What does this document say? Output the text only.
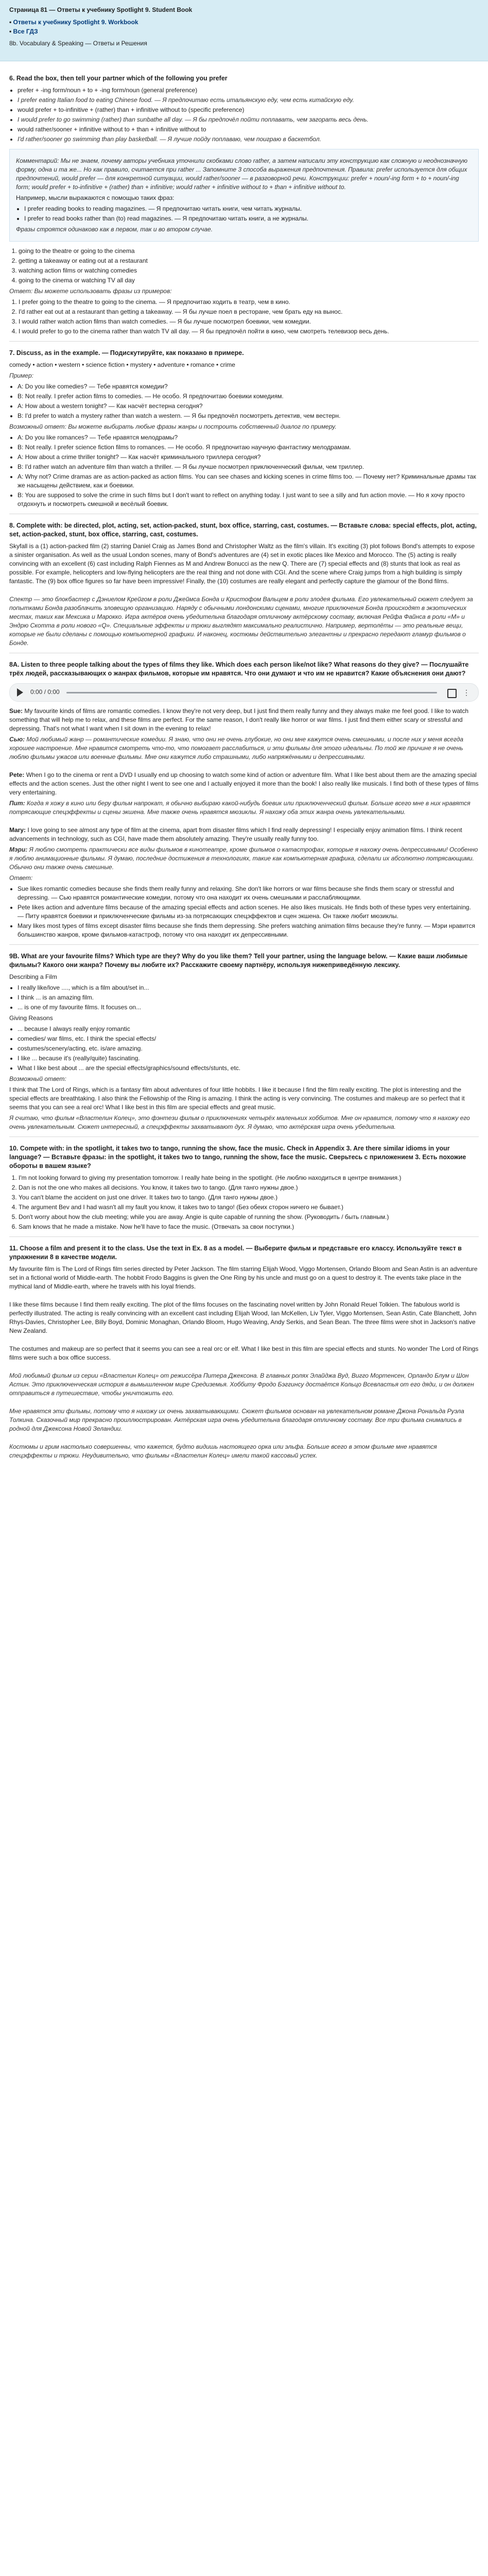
Страница 81 — Ответы к учебнику Spotlight 9. Student Book
• Ответы к учебнику Spotlight 9. Workbook
• Все ГДЗ
8b. Vocabulary & Speaking — Ответы и Решения
6. Read the box, then tell your partner which of the following you prefer
• prefer + -ing form/noun + to + -ing form/noun (general preference)
• I prefer eating Italian food to eating Chinese food. — Я предпочитаю есть итальянскую еду, чем есть китайскую еду.
• would prefer + to-infinitive + (rather) than + infinitive without to (specific preference)
• I would prefer to go swimming (rather) than sunbathe all day. — Я бы предпочёл пойти поплавать, чем загорать весь день.
• would rather/sooner + infinitive without to + than + infinitive without to
• I'd rather/sooner go swimming than play basketball. — Я лучше пойду поплаваю, чем поиграю в баскетбол.
Комментарий: Мы не знаем, почему авторы учебника уточнили скобками слово rather, а затем написали эту конструкцию как сложную и неоднозначную форму, одна и та же... Но как правило, считается при rather ... Запомните 3 способа выражения предпочтения. Правила: prefer используется для общих предпочтений, would prefer — для конкретной ситуации, would rather/sooner — в разговорной речи. Конструкции: prefer + noun/-ing form + to + noun/-ing form; would prefer + to-infinitive + (rather) than + infinitive; would rather + infinitive without to + than + infinitive without to.
Например, мысли выражаются с помощью таких фраз:
• I prefer reading books to reading magazines. — Я предпочитаю читать книги, чем читать журналы.
• I prefer to read books rather than (to) read magazines. — Я предпочитаю читать книги, а не журналы.
Фразы строятся одинаково как в первом, так и во втором случае.
1. going to the theatre or going to the cinema
2. getting a takeaway or eating out at a restaurant
3. watching action films or watching comedies
4. going to the cinema or watching TV all day
Ответ: Вы можете использовать фразы из примеров:
1. I prefer going to the theatre to going to the cinema. — Я предпочитаю ходить в театр, чем в кино.
2. I'd rather eat out at a restaurant than getting a takeaway. — Я бы лучше поел в ресторане, чем брать еду на вынос.
3. I would rather watch action films than watch comedies. — Я бы лучше посмотрел боевики, чем комедии.
4. I would prefer to go to the cinema rather than watch TV all day. — Я бы предпочёл пойти в кино, чем смотреть телевизор весь день.
7. Discuss, as in the example. — Подискутируйте, как показано в примере.
comedy • action • western • science fiction • mystery • adventure • romance • crime
Пример:
• A: Do you like comedies? — Тебе нравятся комедии?
• B: Not really. I prefer action films to comedies. — Не особо. Я предпочитаю боевики комедиям.
• A: How about a western tonight? — Как насчёт вестерна сегодня?
• B: I'd prefer to watch a mystery rather than watch a western. — Я бы предпочёл посмотреть детектив, чем вестерн.
Возможный ответ: Вы можете выбирать любые фразы жанры и построить собственный диалог по примеру.
• A: Do you like romances? — Тебе нравятся мелодрамы?
• B: Not really. I prefer science fiction films to romances. — Не особо. Я предпочитаю научную фантастику мелодрамам.
• A: How about a crime thriller tonight? — Как насчёт криминального триллера сегодня?
• B: I'd rather watch an adventure film than watch a thriller. — Я бы лучше посмотрел приключенческий фильм, чем триллер.
• A: Why not? Crime dramas are as action-packed as action films. You can see chases and kicking scenes in crime films too. — Почему нет? Криминальные драмы так же насыщены действием, как и боевики.
• B: You are supposed to solve the crime in such films but I don't want to reflect on anything today. I just want to see a silly and fun action movie. — Но я хочу просто отдохнуть и посмотреть смешной и весёлый боевик.
8. Complete with: be directed, plot, acting, set, action-packed, stunt, box office, starring, cast, costumes. — Вставьте слова: special effects, plot, acting, set, action-packed, stunt, box office, starring, cast, costumes.
Skyfall is a (1) action-packed film (2) starring Daniel Craig as James Bond and Christopher Waltz as the film's villain. It's exciting (3) plot follows Bond's attempts to expose a sinister organisation. As well as the usual London scenes, many of Bond's adventures are (4) set in exotic places like Mexico and Morocco. The (5) acting is really convincing with an excellent (6) cast including Ralph Fiennes as M and Andrew Bonucci as the new Q. There are (7) special effects and (8) stunts that look as real as possible. For example, helicopters and low-flying helicopters are the real thing and not done with CGI. And the scene where Craig jumps from a high building is simply fantastic. The (9) box office figures so far have been impressive! Finally, the (10) costumes are really elegant and perfectly capture the glamour of the Bond films.
Спектр — это блокбастер с Дэниелом Крейгом в роли Джеймса Бонда и Кристофом Вальцем в роли злодея фильма. Его увлекательный сюжет следует за попытками Бонда разоблачить зловещую организацию. Наряду с обычными лондонскими сценами, многие приключения Бонда происходят в экзотических местах, таких как Мексика и Марокко. Игра актёров очень убедительна благодаря отличному актёрскому составу, включая Рейфа Файнса в роли «М» и Эндрю Скотта в роли нового «Q». Специальные эффекты и трюки выглядят максимально реалистично. Например, вертолёты — это реальные вещи, которые не были сделаны с помощью компьютерной графики. И наконец, костюмы действительно элегантны и прекрасно передают гламур фильмов о Бонде.
8A. Listen to three people talking about the types of films they like. Which does each person like/not like? What reasons do they give? — Послушайте трёх людей, рассказывающих о жанрах фильмов, которые им нравятся. Что они думают и что им не нравится? Какие объяснения они дают?
0:00 / 0:00	⋮
Sue: My favourite kinds of films are romantic comedies. I know they're not very deep, but I just find them really funny and they always make me feel good. I like to watch something that will help me to relax, and these films are perfect. For the same reason, I don't really like horror or war films. I just find them either scary or stressful and depressing. That's not what I want when I sit down in the evening to relax!
Сью: Мой любимый жанр — романтические комедии. Я знаю, что они не очень глубокие, но они мне кажутся очень смешными, и после них у меня всегда хорошее настроение. Мне нравится смотреть что-то, что помогает расслабиться, и эти фильмы для этого идеальны. По той же причине я не очень люблю фильмы ужасов или военные фильмы. Мне они кажутся либо страшными, либо напряжёнными и депрессивными.
Pete: When I go to the cinema or rent a DVD I usually end up choosing to watch some kind of action or adventure film. What I like best about them are the amazing special effects and the action scenes. Just the other night I went to see one and I actually enjoyed it more than the book! I also really like musicals. I find both of these types of films very entertaining.
Пит: Когда я хожу в кино или беру фильм напрокат, я обычно выбираю какой-нибудь боевик или приключенческий фильм. Больше всего мне в них нравятся потрясающие спецэффекты и сцены экшена. Мне также очень нравятся мюзиклы. Я нахожу оба этих жанра очень увлекательными.
Mary: I love going to see almost any type of film at the cinema, apart from disaster films which I find really depressing! I especially enjoy animation films. I think recent advancements in technology, such as CGI, have made them absolutely amazing. They're usually really funny too.
Мэри: Я люблю смотреть практически все виды фильмов в кинотеатре, кроме фильмов о катастрофах, которые я нахожу очень депрессивными! Особенно я люблю анимационные фильмы. Я думаю, последние достижения в технологиях, такие как компьютерная графика, сделали их абсолютно потрясающими. Обычно они также очень смешные.
Ответ:
• Sue likes romantic comedies because she finds them really funny and relaxing. She don't like horrors or war films because she finds them scary or stressful and depressing. — Сью нравятся романтические комедии, потому что она находит их очень смешными и расслабляющими.
• Pete likes action and adventure films because of the amazing special effects and action scenes. He also likes musicals. He finds both of these types very entertaining. — Питу нравятся боевики и приключенческие фильмы из-за потрясающих спецэффектов и сцен экшена. Он также любит мюзиклы.
• Mary likes most types of films except disaster films because she finds them depressing. She prefers watching animation films because they're funny. — Мэри нравится большинство жанров, кроме фильмов-катастроф, потому что она находит их депрессивными.
9B. What are your favourite films? Which type are they? Why do you like them? Tell your partner, using the language below. — Какие ваши любимые фильмы? Какого они жанра? Почему вы любите их? Расскажите своему партнёру, используя нижеприведённую лексику.
Describing a Film
• I really like/love ...., which is a film about/set in...
• I think ... is an amazing film.
• ... is one of my favourite films. It focuses on...
Giving Reasons
• ... because I always really enjoy romantic
• comedies/ war films, etc. I think the special effects/
• costumes/scenery/acting, etc. is/are amazing.
• I like ... because it's (really/quite) fascinating.
• What I like best about ... are the special effects/graphics/sound effects/stunts, etc.
Возможный ответ:
I think that The Lord of Rings, which is a fantasy film about adventures of four little hobbits. I like it because I find the film really exciting. The plot is interesting and the special effects are breathtaking. I also think the Fellowship of the Ring is amazing. I think the acting is very convincing. The costumes and makeup are so perfect that it seems that you can see a real orc! What I like best in this film are special effects and great music.
Я считаю, что фильм «Властелин Колец», это фэнтези фильм о приключениях четырёх маленьких хоббитов. Мне он нравится, потому что я нахожу его очень увлекательным. Сюжет интересный, а спецэффекты захватывают дух. Я думаю, что актёрская игра очень убедительна.
10. Compete with: in the spotlight, it takes two to tango, running the show, face the music. Check in Appendix 3. Are there similar idioms in your language? — Вставьте фразы: in the spotlight, it takes two to tango, running the show, face the music. Сверьтесь с приложением 3. Есть похожие обороты в вашем языке?
1. I'm not looking forward to giving my presentation tomorrow. I really hate being in the spotlight. (Не люблю находиться в центре внимания.)
2. Dan is not the one who makes all decisions. You know, it takes two to tango. (Для танго нужны двое.)
3. You can't blame the accident on just one driver. It takes two to tango. (Для танго нужны двое.)
4. The argument Bev and I had wasn't all my fault you know, it takes two to tango! (Без обеих сторон ничего не бывает.)
5. Don't worry about how the club meeting; while you are away. Angie is quite capable of running the show. (Руководить / быть главным.)
6. Sam knows that he made a mistake. Now he'll have to face the music. (Отвечать за свои поступки.)
11. Choose a film and present it to the class. Use the text in Ex. 8 as a model. — Выберите фильм и представьте его классу. Используйте текст в упражнении 8 в качестве модели.
My favourite film is The Lord of Rings film series directed by Peter Jackson. The film starring Elijah Wood, Viggo Mortensen, Orlando Bloom and Sean Astin is an adventure set in a fictional world of Middle-earth. The hobbit Frodo Baggins is given the One Ring by his uncle and must go on a quest to destroy it. The events take place in the mythical land of Middle-earth, where he travels with his loyal friends.
I like these films because I find them really exciting. The plot of the films focuses on the fascinating novel written by John Ronald Reuel Tolkien. The fabulous world is perfectly illustrated. The acting is really convincing with an excellent cast including Elijah Wood, Ian McKellen, Liv Tyler, Viggo Mortensen, Sean Astin, Cate Blanchett, John Rhys-Davies, Christopher Lee, Billy Boyd, Dominic Monaghan, Orlando Bloom, Hugo Weaving, Andy Serkis, and Sean Bean. The three films were shot in Jackson's native New Zealand.
The costumes and makeup are so perfect that it seems you can see a real orc or elf. What I like best in this film are special effects and stunts. No wonder The Lord of Rings films were such a box office success.
Мой любимый фильм из серии «Властелин Колец» от режиссёра Питера Джексона. В главных ролях Элайджа Вуд, Вигго Мортенсен, Орландо Блум и Шон Астин. Это приключенческая история в вымышленном мире Средиземья. Хоббиту Фродо Бэггинсу достаётся Кольцо Всевластья от его дяди, и он должен отправиться в путешествие, чтобы уничтожить его.
Мне нравятся эти фильмы, потому что я нахожу их очень захватывающими. Сюжет фильмов основан на увлекательном романе Джона Рональда Руэла Толкина. Сказочный мир прекрасно проиллюстрирован. Актёрская игра очень убедительна благодаря отличному составу. Все три фильма снимались в родной для Джексона Новой Зеландии.
Костюмы и грим настолько совершенны, что кажется, будто видишь настоящего орка или эльфа. Больше всего в этом фильме мне нравятся спецэффекты и трюки. Неудивительно, что фильмы «Властелин Колец» имели такой кассовый успех.
